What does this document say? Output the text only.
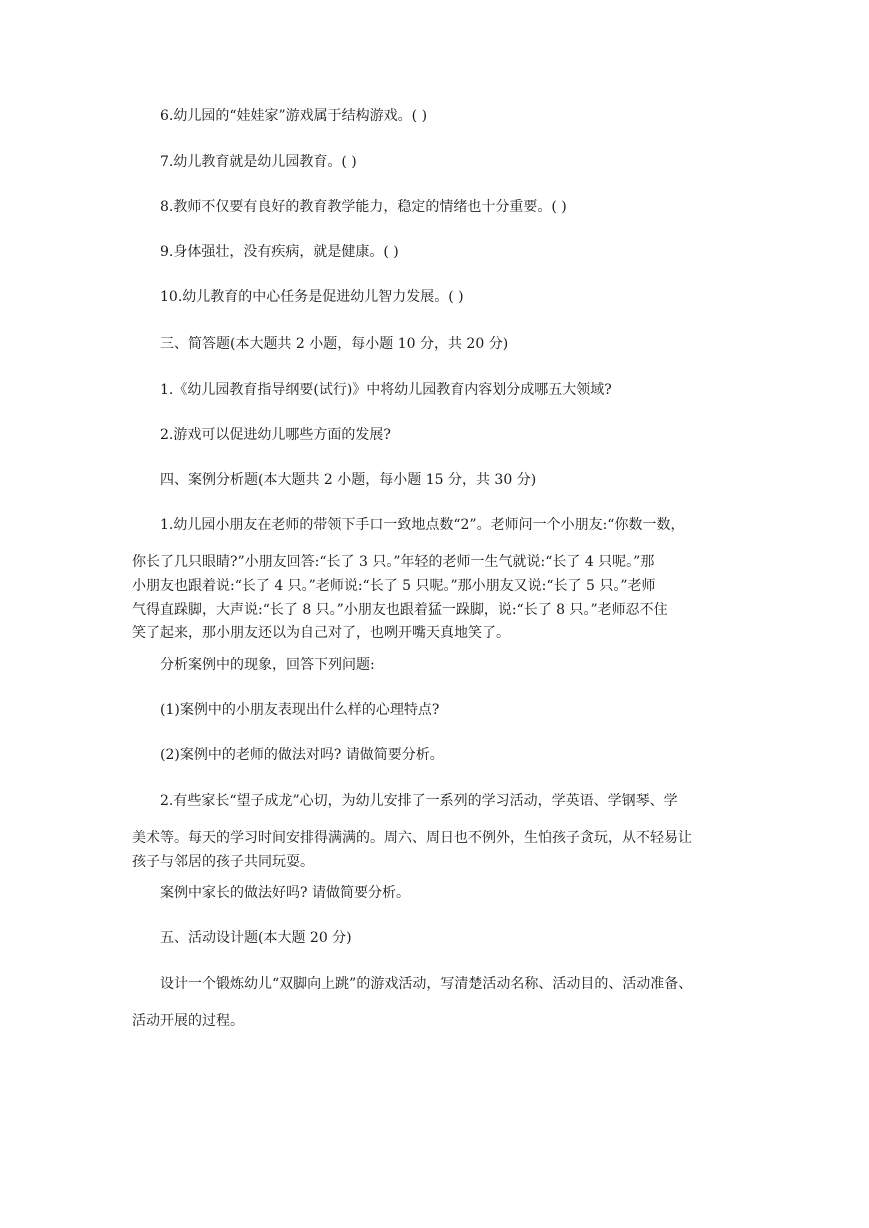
6.幼儿园的“娃娃家”游戏属于结构游戏。( )

7.幼儿教育就是幼儿园教育。( )

8.教师不仅要有良好的教育教学能力，稳定的情绪也十分重要。( )

9.身体强壮，没有疾病，就是健康。( )

10.幼儿教育的中心任务是促进幼儿智力发展。( )

三、简答题(本大题共 2 小题，每小题 10 分，共 20 分)

1.《幼儿园教育指导纲要(试行)》中将幼儿园教育内容划分成哪五大领域?

2.游戏可以促进幼儿哪些方面的发展?

四、案例分析题(本大题共 2 小题，每小题 15 分，共 30 分)

1.幼儿园小朋友在老师的带领下手口一致地点数“2”。老师问一个小朋友:“你数一数，

你长了几只眼睛?”小朋友回答:“长了 3 只。”年轻的老师一生气就说:“长了 4 只呢。”那

小朋友也跟着说:“长了 4 只。”老师说:“长了 5 只呢。”那小朋友又说:“长了 5 只。”老师

气得直跺脚，大声说:“长了 8 只。”小朋友也跟着猛一跺脚，说:“长了 8 只。”老师忍不住

笑了起来，那小朋友还以为自己对了，也咧开嘴天真地笑了。

分析案例中的现象，回答下列问题:

(1)案例中的小朋友表现出什么样的心理特点?

(2)案例中的老师的做法对吗? 请做简要分析。

2.有些家长“望子成龙”心切，为幼儿安排了一系列的学习活动，学英语、学钢琴、学

美术等。每天的学习时间安排得满满的。周六、周日也不例外，生怕孩子贪玩，从不轻易让

孩子与邻居的孩子共同玩耍。

案例中家长的做法好吗? 请做简要分析。

五、活动设计题(本大题 20 分)

设计一个锻炼幼儿“双脚向上跳”的游戏活动，写清楚活动名称、活动目的、活动准备、

活动开展的过程。
